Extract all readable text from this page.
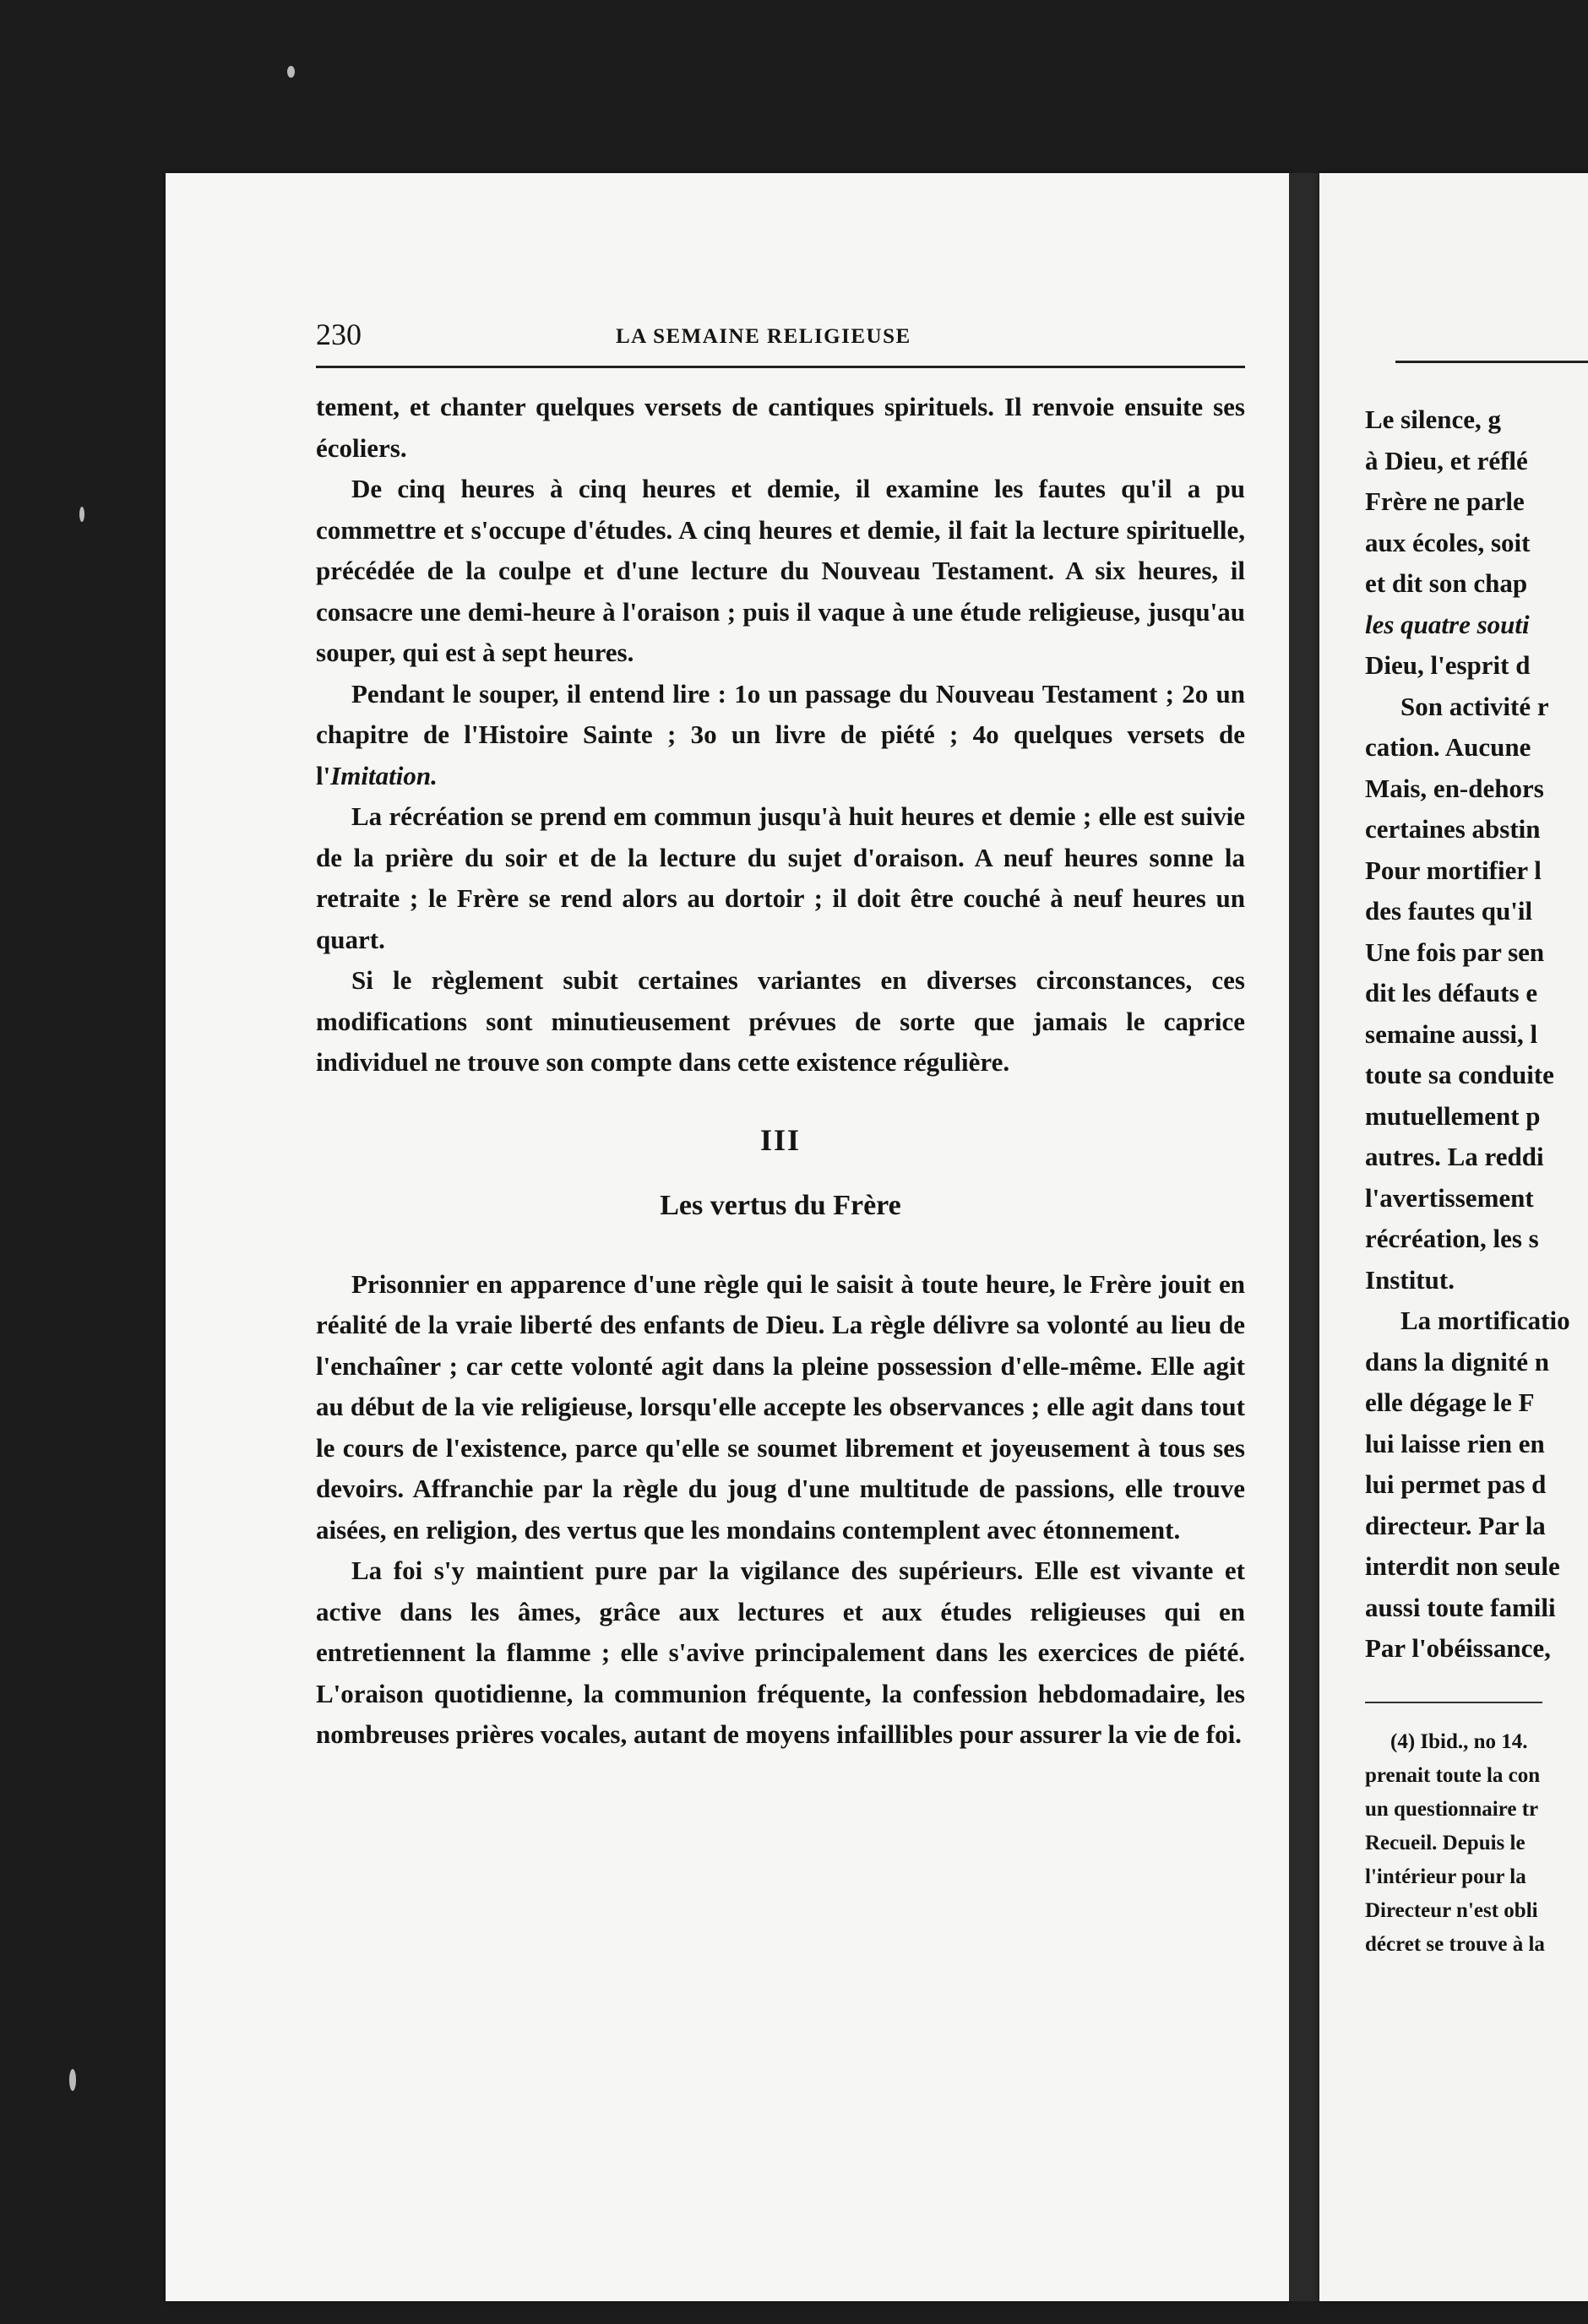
230	LA SEMAINE RELIGIEUSE

tement, et chanter quelques versets de cantiques spirituels. Il renvoie ensuite ses écoliers.

De cinq heures à cinq heures et demie, il examine les fautes qu'il a pu commettre et s'occupe d'études. A cinq heures et demie, il fait la lecture spirituelle, précédée de la coulpe et d'une lecture du Nouveau Testament. A six heures, il consacre une demi-heure à l'oraison ; puis il vaque à une étude religieuse, jusqu'au souper, qui est à sept heures.

Pendant le souper, il entend lire : 1o un passage du Nouveau Testament ; 2o un chapitre de l'Histoire Sainte ; 3o un livre de piété ; 4o quelques versets de l'Imitation.

La récréation se prend em commun jusqu'à huit heures et demie ; elle est suivie de la prière du soir et de la lecture du sujet d'oraison. A neuf heures sonne la retraite ; le Frère se rend alors au dortoir ; il doit être couché à neuf heures un quart.

Si le règlement subit certaines variantes en diverses circonstances, ces modifications sont minutieusement prévues de sorte que jamais le caprice individuel ne trouve son compte dans cette existence régulière.

III
Les vertus du Frère

Prisonnier en apparence d'une règle qui le saisit à toute heure, le Frère jouit en réalité de la vraie liberté des enfants de Dieu. La règle délivre sa volonté au lieu de l'enchaîner ; car cette volonté agit dans la pleine possession d'elle-même. Elle agit au début de la vie religieuse, lorsqu'elle accepte les observances ; elle agit dans tout le cours de l'existence, parce qu'elle se soumet librement et joyeusement à tous ses devoirs. Affranchie par la règle du joug d'une multitude de passions, elle trouve aisées, en religion, des vertus que les mondains contemplent avec étonnement.

La foi s'y maintient pure par la vigilance des supérieurs. Elle est vivante et active dans les âmes, grâce aux lectures et aux études religieuses qui en entretiennent la flamme ; elle s'avive principalement dans les exercices de piété. L'oraison quotidienne, la communion fréquente, la confession hebdomadaire, les nombreuses prières vocales, autant de moyens infaillibles pour assurer la vie de foi.

Le silence, g
à Dieu, et réflé
Frère ne parle
aux écoles, soit
et dit son chap
les quatre souti
Dieu, l'esprit d
Son activité r
cation. Aucune
Mais, en-dehors
certaines abstin
Pour mortifier l
des fautes qu'il
Une fois par sen
dit les défauts e
semaine aussi, l
toute sa conduite
mutuellement p
autres. La reddi
l'avertissement
récréation, les s
Institut.
La mortificatio
dans la dignité n
elle dégage le F
lui laisse rien en
lui permet pas d
directeur. Par la
interdit non seule
aussi toute famili
Par l'obéissance,
(4) Ibid., no 14.
prenait toute la con
un questionnaire tr
Recueil. Depuis le
l'intérieur pour la
Directeur n'est obli
décret se trouve à la
